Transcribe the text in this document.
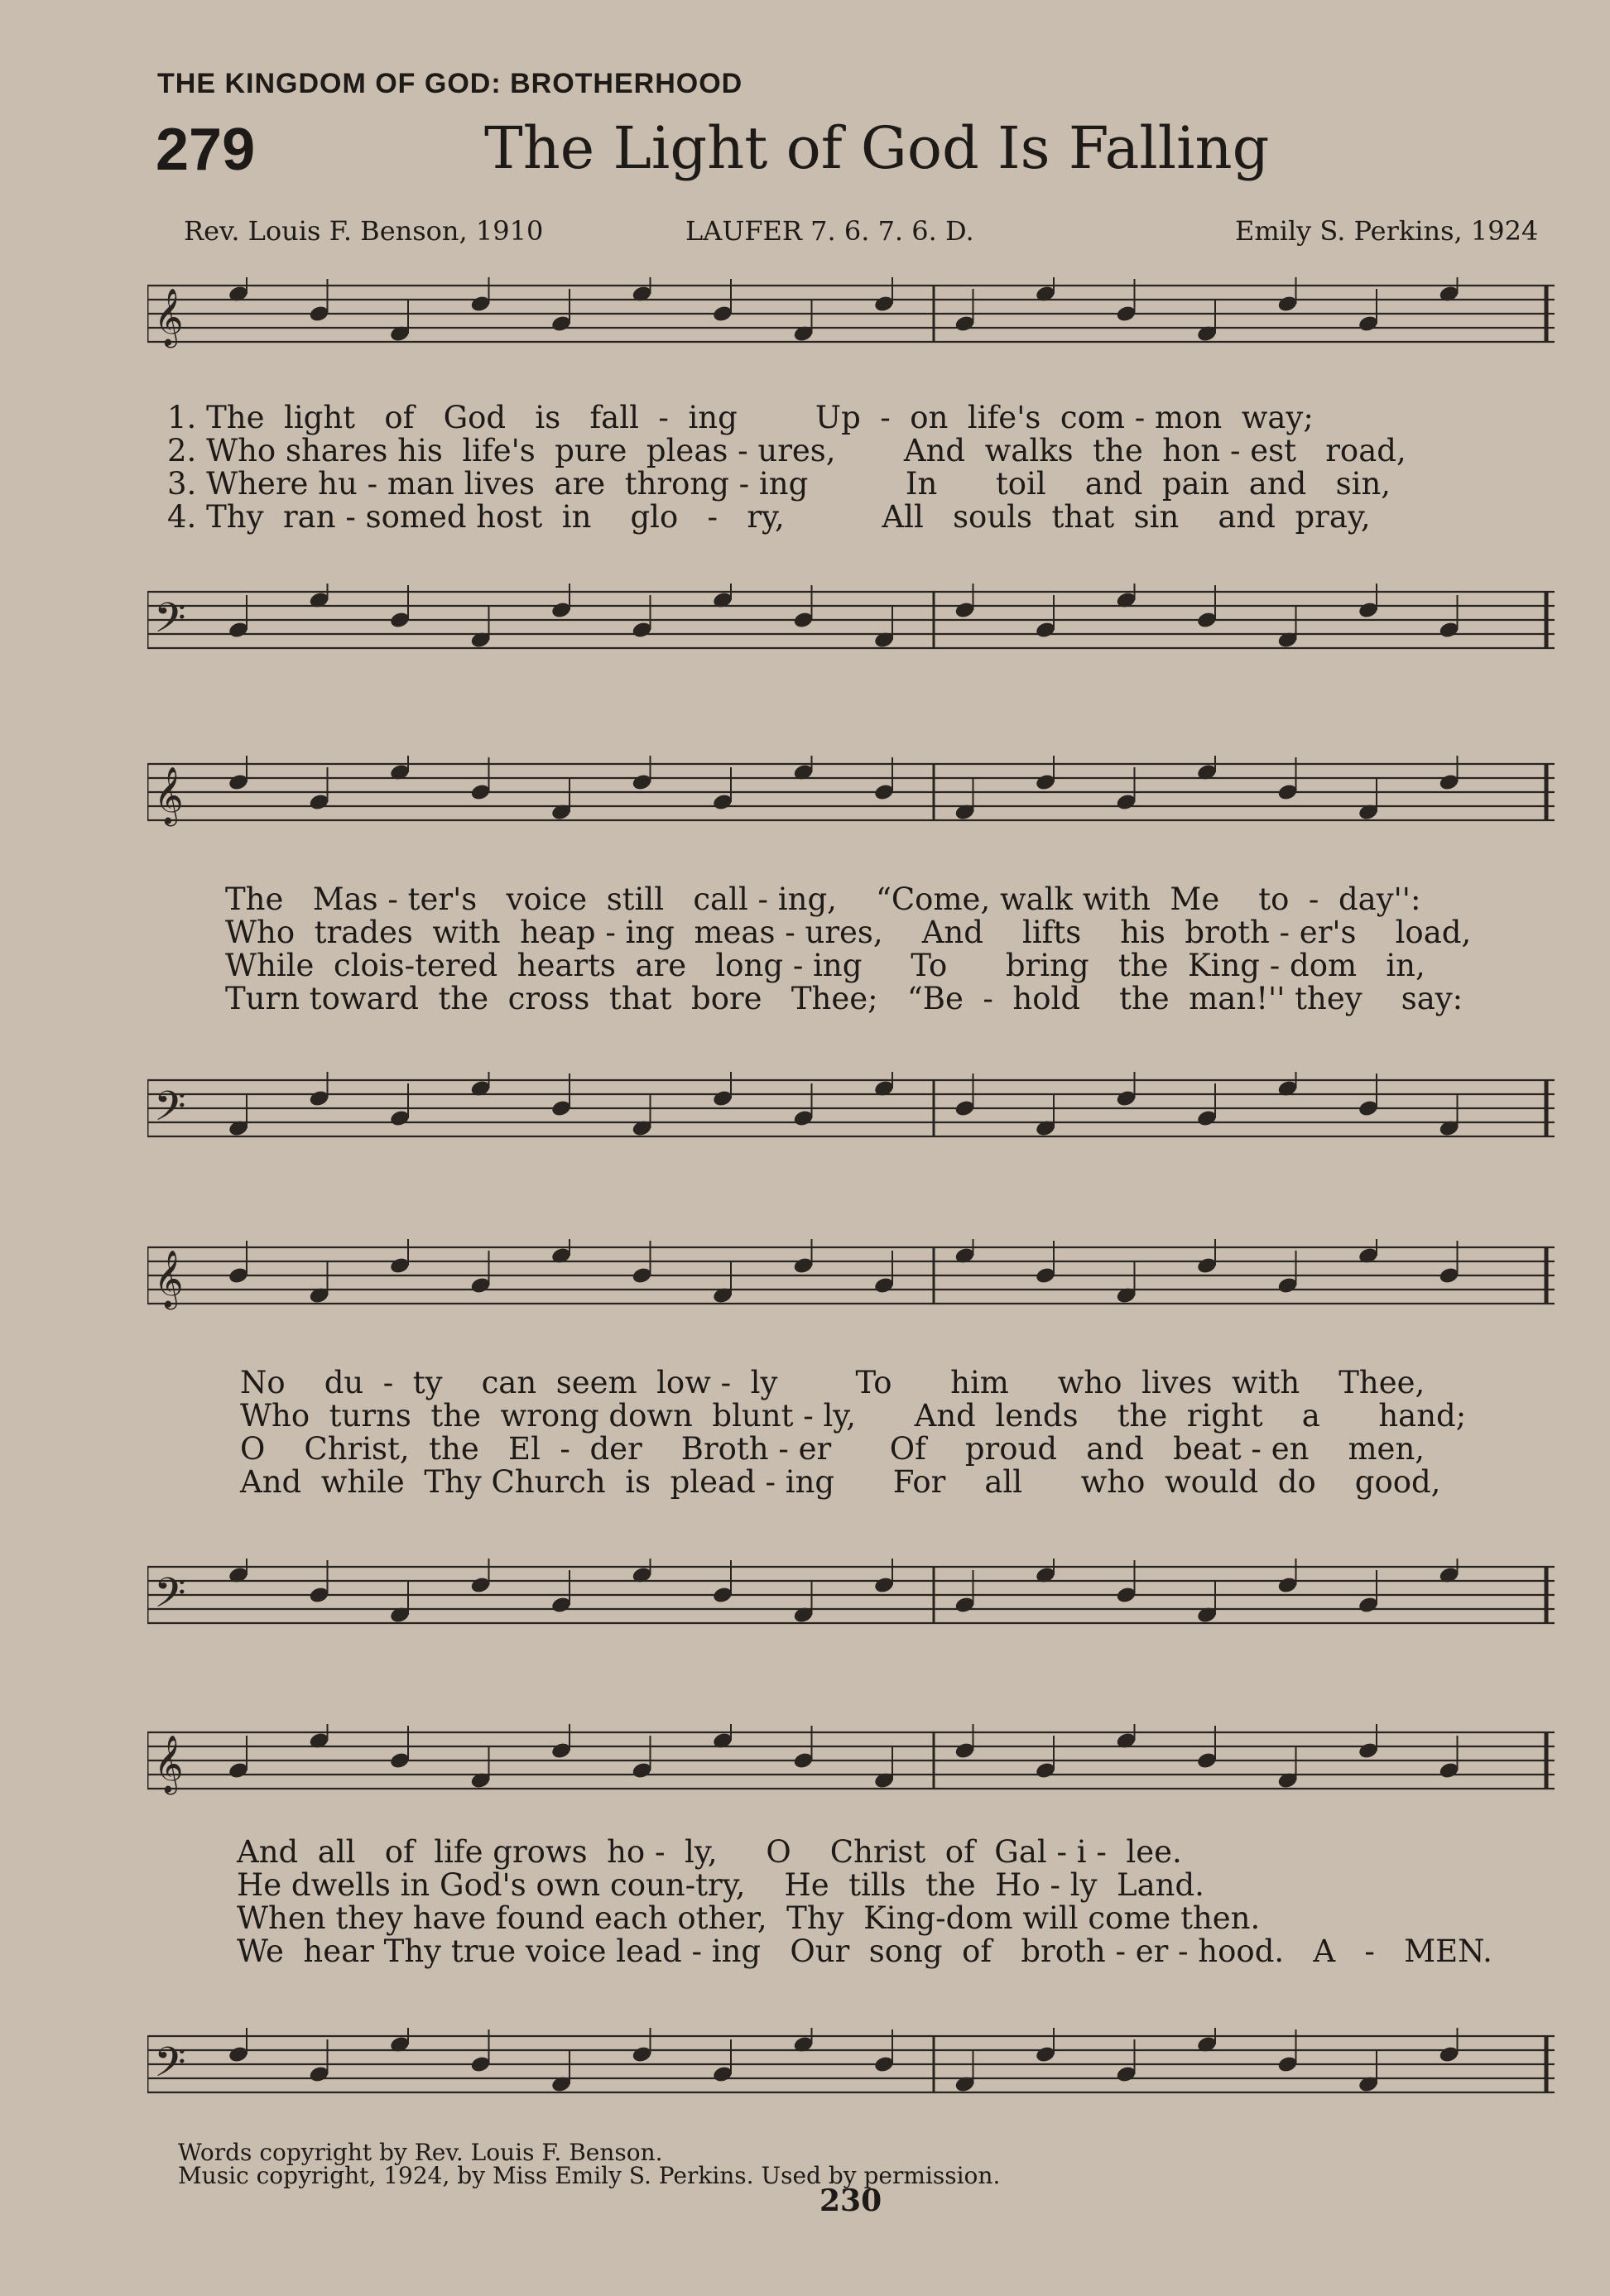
THE KINGDOM OF GOD: BROTHERHOOD
279	The Light of God Is Falling
Rev. Louis F. Benson, 1910	LAUFER 7. 6. 7. 6. D.	Emily S. Perkins, 1924
𝄞
1. The  light   of   God   is   fall  -  ing        Up  -  on  life's  com - mon  way;
2. Who shares his  life's  pure  pleas - ures,       And  walks  the  hon - est   road,
3. Where hu - man lives  are  throng - ing          In      toil    and  pain  and   sin,
4. Thy  ran - somed host  in    glo   -   ry,          All   souls  that  sin    and  pray,
𝄢
𝄞
The   Mas - ter's   voice  still   call - ing,    “Come, walk with  Me    to  -  day'':
Who  trades  with  heap - ing  meas - ures,    And    lifts    his  broth - er's    load,
While  clois-tered  hearts  are   long - ing     To      bring   the  King - dom   in,
Turn toward  the  cross  that  bore   Thee;   “Be  -  hold    the  man!'' they    say:
𝄢
𝄞
No    du  -  ty    can  seem  low -  ly        To      him     who  lives  with    Thee,
Who  turns  the  wrong down  blunt - ly,      And  lends    the  right    a      hand;
O    Christ,  the   El  -  der    Broth - er      Of    proud   and   beat - en    men,
And  while  Thy Church  is  plead - ing      For    all      who  would  do    good,
𝄢
𝄞
And  all   of  life grows  ho -  ly,     O    Christ  of  Gal - i -  lee.
He dwells in God's own coun-try,    He  tills  the  Ho - ly  Land.
When they have found each other,  Thy  King-dom will come then.
We  hear Thy true voice lead - ing   Our  song  of   broth - er - hood.   A   -   MEN.
𝄢
Words copyright by Rev. Louis F. Benson.
Music copyright, 1924, by Miss Emily S. Perkins. Used by permission.
230
